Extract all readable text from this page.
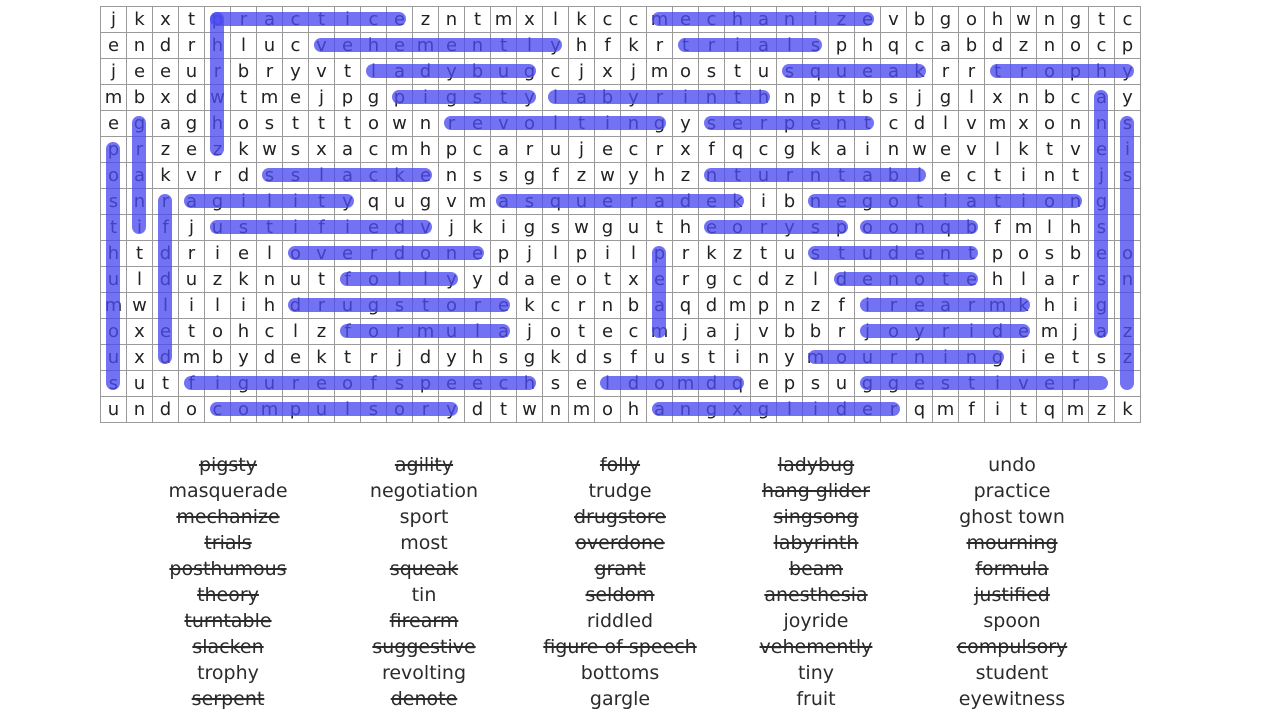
j	k x t p r a c t	i	c e z n t m x	l	k c c m e c h a n i	z e v b g o h w n g t c
e n d r h l u c v e h e m e n t	l	y h f k r	t	r	i a l	s p h q c a b d z n o c p
j e e u r b r y v t	l a d y b u g c	j	x	j m o s t u s q u e a k r	r	t	r o p h y
m b x d w t m e j p g p i g s t y	l a b y r	i n t h n p t b s	j g l	x n b c a y
e g a g h o s t	t	t o w n r e v o l	t	i n g y s e r p e n t c d l	v m x o n n s
p r z e z k w s x a c m h p c a r u j e c r x f q c g k a i n w e v	l	k t v e i
o a k v r d s s	l a c k e n s s g f	z w y h z n t u r n t a b l e c t	i n t	j	s
s n r a g i	l	i	t y q u g v m a s q u e r a d e k	i b n e g o t	i a t	i o n g
t	i	f	j u s t	i	f	i e d v	j	k	i g s w g u t h e o r y s p o o n q b f m l h s
h t d r	i e l o v e r d o n e p j	l p i	l p r k z t u s t u d e n t p o s b e o
u l d u z k n u t	f o l	l	y y d a e o t x e r g c d z	l d e n o t e h l a r s n
m w l	i	l	i h d r u g s t o r e k c r n b a q d m p n z	f	i	r e a r m k h i g
o x e t o h c	l	z	f o r m u l a j o t e c m j a j	v b b r	j o y r	i d e m j a z
u x d m b y d e k t	r	j d y h s g k d s	f u s t	i n y m o u r n i n g i e t s z
s u t	f	i g u r e o f	s p e e c h s e l d o m d q e p s u g g e s t	i	v e r
u n d o c o m p u l	s o r y d t w n m o h a n g x g l	i d e r q m f	i	t q m z k
pigsty
masquerade
mechanize
trials
posthumous
theory
turntable
slacken
trophy
serpent
agility
negotiation
sport
most
squeak
tin
firearm
suggestive
revolting
denote
folly
trudge
drugstore
overdone
grant
seldom
riddled
figure of speech
bottoms
gargle
ladybug
hang glider
singsong
labyrinth
beam
anesthesia
joyride
vehemently
tiny
fruit
undo
practice
ghost town
mourning
formula
justified
spoon
compulsory
student
eyewitness
